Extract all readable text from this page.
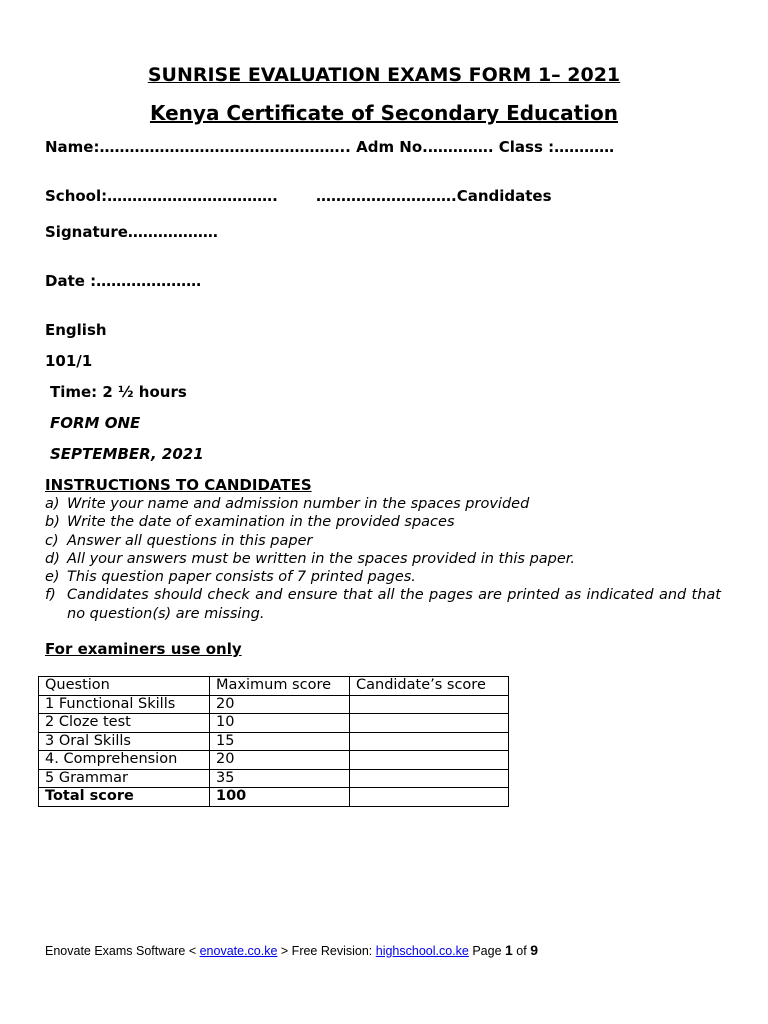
SUNRISE EVALUATION EXAMS FORM 1– 2021
Kenya Certificate of Secondary Education
Name:………………………………………….. Adm No.…………. Class :…………
School:…………………………….	……………………….Candidates
Signature………………
Date :…………………
English
101/1
Time: 2 ½ hours
FORM ONE
SEPTEMBER, 2021
INSTRUCTIONS TO CANDIDATES
a) Write your name and admission number in the spaces provided
b) Write the date of examination in the provided spaces
c) Answer all questions in this paper
d) All your answers must be written in the spaces provided in this paper.
e) This question paper consists of 7 printed pages.
f) Candidates should check and ensure that all the pages are printed as indicated and that no question(s) are missing.
For examiners use only
Question	Maximum score	Candidate’s score
1 Functional Skills	20	
2 Cloze test	10	
3 Oral Skills	15	
4. Comprehension	20	
5 Grammar	35	
Total score	100	
Enovate Exams Software < enovate.co.ke > Free Revision: highschool.co.ke Page 1 of 9
